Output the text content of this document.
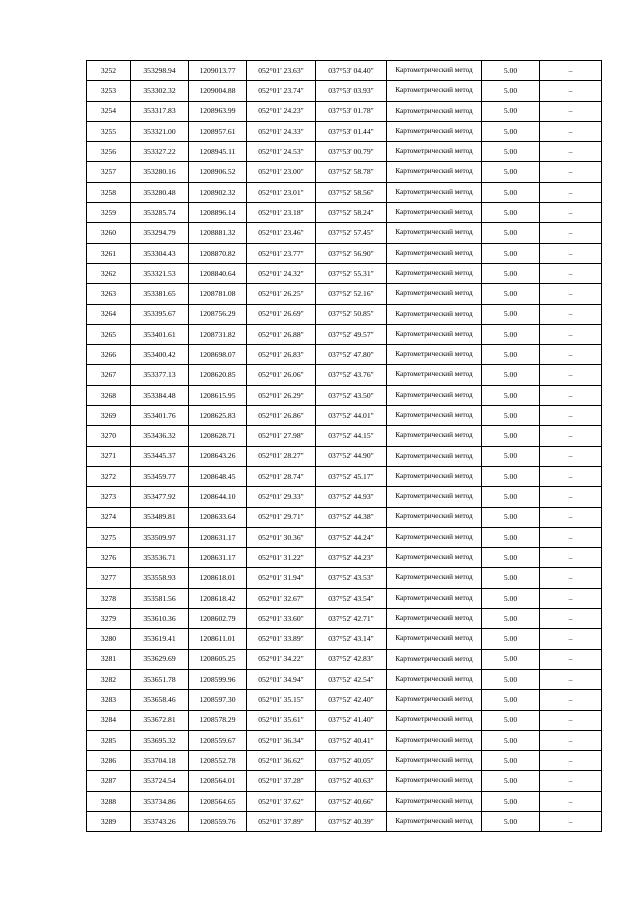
3252	353298.94	1209013.77	052°01' 23.63"	037°53' 04.40"	Картометрический метод	5.00	–
3253	353302.32	1209004.88	052°01' 23.74"	037°53' 03.93"	Картометрический метод	5.00	–
3254	353317.83	1208963.99	052°01' 24.23"	037°53' 01.78"	Картометрический метод	5.00	–
3255	353321.00	1208957.61	052°01' 24.33"	037°53' 01.44"	Картометрический метод	5.00	–
3256	353327.22	1208945.11	052°01' 24.53"	037°53' 00.79"	Картометрический метод	5.00	–
3257	353280.16	1208906.52	052°01' 23.00"	037°52' 58.78"	Картометрический метод	5.00	–
3258	353280.48	1208902.32	052°01' 23.01"	037°52' 58.56"	Картометрический метод	5.00	–
3259	353285.74	1208896.14	052°01' 23.18"	037°52' 58.24"	Картометрический метод	5.00	–
3260	353294.79	1208881.32	052°01' 23.46"	037°52' 57.45"	Картометрический метод	5.00	–
3261	353304.43	1208870.82	052°01' 23.77"	037°52' 56.90"	Картометрический метод	5.00	–
3262	353321.53	1208840.64	052°01' 24.32"	037°52' 55.31"	Картометрический метод	5.00	–
3263	353381.65	1208781.08	052°01' 26.25"	037°52' 52.16"	Картометрический метод	5.00	–
3264	353395.67	1208756.29	052°01' 26.69"	037°52' 50.85"	Картометрический метод	5.00	–
3265	353401.61	1208731.82	052°01' 26.88"	037°52' 49.57"	Картометрический метод	5.00	–
3266	353400.42	1208698.07	052°01' 26.83"	037°52' 47.80"	Картометрический метод	5.00	–
3267	353377.13	1208620.85	052°01' 26.06"	037°52' 43.76"	Картометрический метод	5.00	–
3268	353384.48	1208615.95	052°01' 26.29"	037°52' 43.50"	Картометрический метод	5.00	–
3269	353401.76	1208625.83	052°01' 26.86"	037°52' 44.01"	Картометрический метод	5.00	–
3270	353436.32	1208628.71	052°01' 27.98"	037°52' 44.15"	Картометрический метод	5.00	–
3271	353445.37	1208643.26	052°01' 28.27"	037°52' 44.90"	Картометрический метод	5.00	–
3272	353459.77	1208648.45	052°01' 28.74"	037°52' 45.17"	Картометрический метод	5.00	–
3273	353477.92	1208644.10	052°01' 29.33"	037°52' 44.93"	Картометрический метод	5.00	–
3274	353489.81	1208633.64	052°01' 29.71"	037°52' 44.38"	Картометрический метод	5.00	–
3275	353509.97	1208631.17	052°01' 30.36"	037°52' 44.24"	Картометрический метод	5.00	–
3276	353536.71	1208631.17	052°01' 31.22"	037°52' 44.23"	Картометрический метод	5.00	–
3277	353558.93	1208618.01	052°01' 31.94"	037°52' 43.53"	Картометрический метод	5.00	–
3278	353581.56	1208618.42	052°01' 32.67"	037°52' 43.54"	Картометрический метод	5.00	–
3279	353610.36	1208602.79	052°01' 33.60"	037°52' 42.71"	Картометрический метод	5.00	–
3280	353619.41	1208611.01	052°01' 33.89"	037°52' 43.14"	Картометрический метод	5.00	–
3281	353629.69	1208605.25	052°01' 34.22"	037°52' 42.83"	Картометрический метод	5.00	–
3282	353651.78	1208599.96	052°01' 34.94"	037°52' 42.54"	Картометрический метод	5.00	–
3283	353658.46	1208597.30	052°01' 35.15"	037°52' 42.40"	Картометрический метод	5.00	–
3284	353672.81	1208578.29	052°01' 35.61"	037°52' 41.40"	Картометрический метод	5.00	–
3285	353695.32	1208559.67	052°01' 36.34"	037°52' 40.41"	Картометрический метод	5.00	–
3286	353704.18	1208552.78	052°01' 36.62"	037°52' 40.05"	Картометрический метод	5.00	–
3287	353724.54	1208564.01	052°01' 37.28"	037°52' 40.63"	Картометрический метод	5.00	–
3288	353734.86	1208564.65	052°01' 37.62"	037°52' 40.66"	Картометрический метод	5.00	–
3289	353743.26	1208559.76	052°01' 37.89"	037°52' 40.39"	Картометрический метод	5.00	–
